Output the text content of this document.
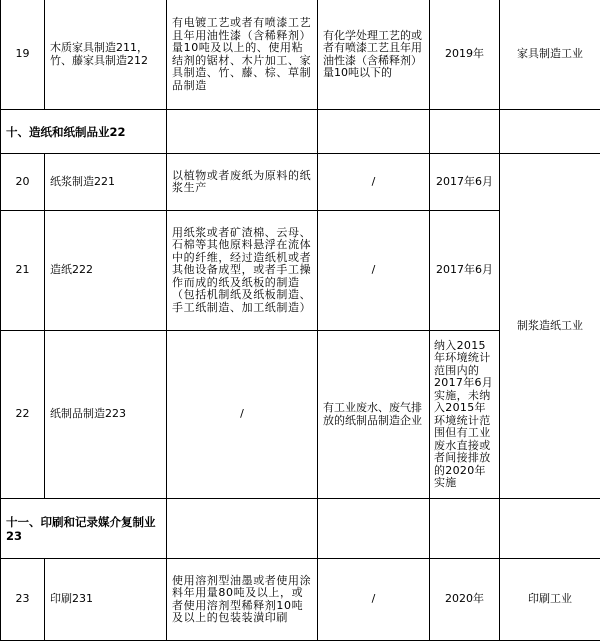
19	木质家具制造211，
竹、藤家具制造212	有电镀工艺或者有喷漆工艺且年用油性漆（含稀释剂）量10吨及以上的、使用粘结剂的锯材、木片加工、家具制造、竹、藤、棕、草制品制造	有化学处理工艺的或者有喷漆工艺且年用油性漆（含稀释剂）量10吨以下的	2019年	家具制造工业
十、造纸和纸制品业22					
20	纸浆制造221	以植物或者废纸为原料的纸浆生产	/	2017年6月	制浆造纸工业
21	造纸222	用纸浆或者矿渣棉、云母、石棉等其他原料悬浮在流体中的纤维，经过造纸机或者其他设备成型，或者手工操作而成的纸及纸板的制造（包括机制纸及纸板制造、手工纸制造、加工纸制造）	/	2017年6月	
22	纸制品制造223	/	有工业废水、废气排放的纸制品制造企业	纳入2015年环境统计范围内的2017年6月实施，未纳入2015年环境统计范围但有工业废水直接或者间接排放的2020年实施	
十一、印刷和记录媒介复制业
23					
23	印刷231	使用溶剂型油墨或者使用涂料年用量80吨及以上，或者使用溶剂型稀释剂10吨及以上的包装装潢印刷	/	2020年	印刷工业
